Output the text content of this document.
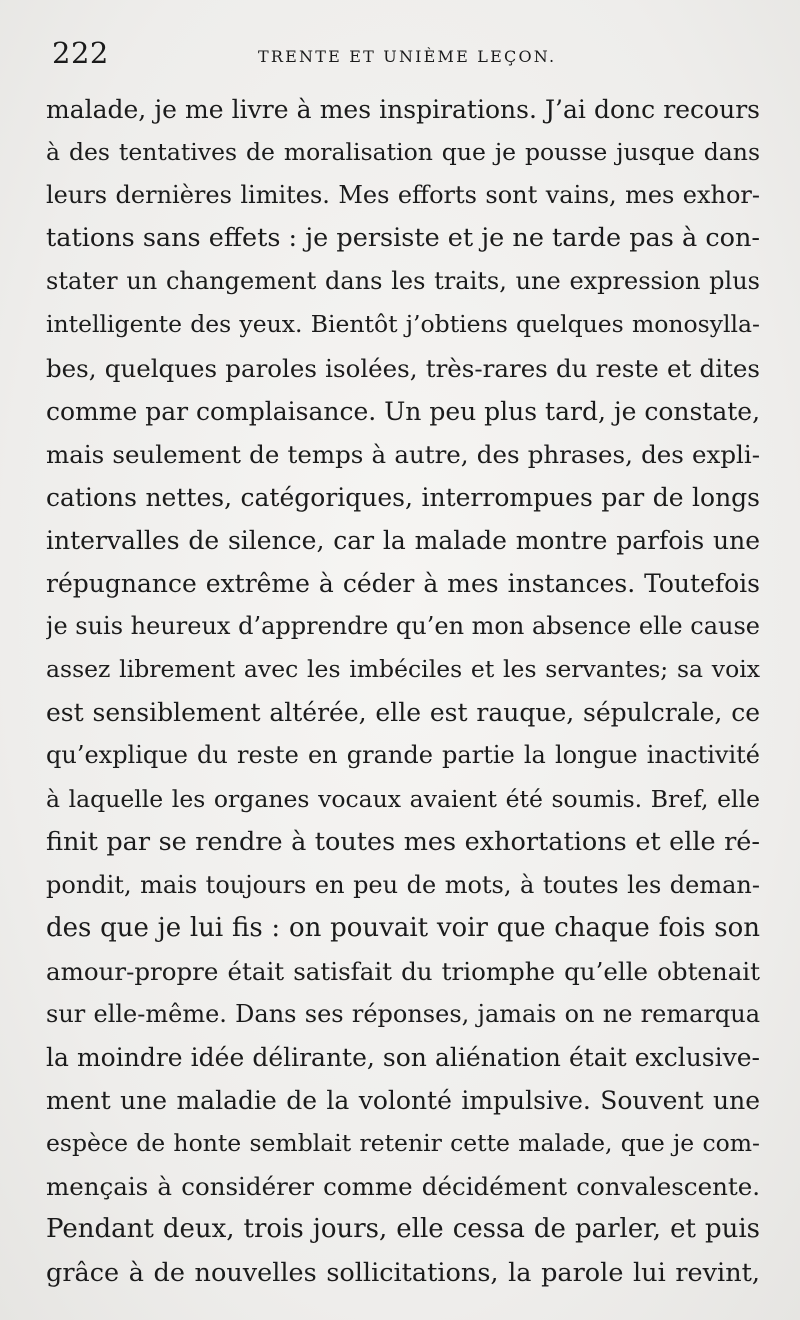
222	TRENTE ET UNIÈME LEÇON.
malade, je me livre à mes inspirations. J’ai donc recours
à des tentatives de moralisation que je pousse jusque dans
leurs dernières limites. Mes efforts sont vains, mes exhor-
tations sans effets : je persiste et je ne tarde pas à con-
stater un changement dans les traits, une expression plus
intelligente des yeux. Bientôt j’obtiens quelques monosylla-
bes, quelques paroles isolées, très-rares du reste et dites
comme par complaisance. Un peu plus tard, je constate,
mais seulement de temps à autre, des phrases, des expli-
cations nettes, catégoriques, interrompues par de longs
intervalles de silence, car la malade montre parfois une
répugnance extrême à céder à mes instances. Toutefois
je suis heureux d’apprendre qu’en mon absence elle cause
assez librement avec les imbéciles et les servantes; sa voix
est sensiblement altérée, elle est rauque, sépulcrale, ce
qu’explique du reste en grande partie la longue inactivité
à laquelle les organes vocaux avaient été soumis. Bref, elle
finit par se rendre à toutes mes exhortations et elle ré-
pondit, mais toujours en peu de mots, à toutes les deman-
des que je lui fis : on pouvait voir que chaque fois son
amour-propre était satisfait du triomphe qu’elle obtenait
sur elle-même. Dans ses réponses, jamais on ne remarqua
la moindre idée délirante, son aliénation était exclusive-
ment une maladie de la volonté impulsive. Souvent une
espèce de honte semblait retenir cette malade, que je com-
mençais à considérer comme décidément convalescente.
Pendant deux, trois jours, elle cessa de parler, et puis
grâce à de nouvelles sollicitations, la parole lui revint,
